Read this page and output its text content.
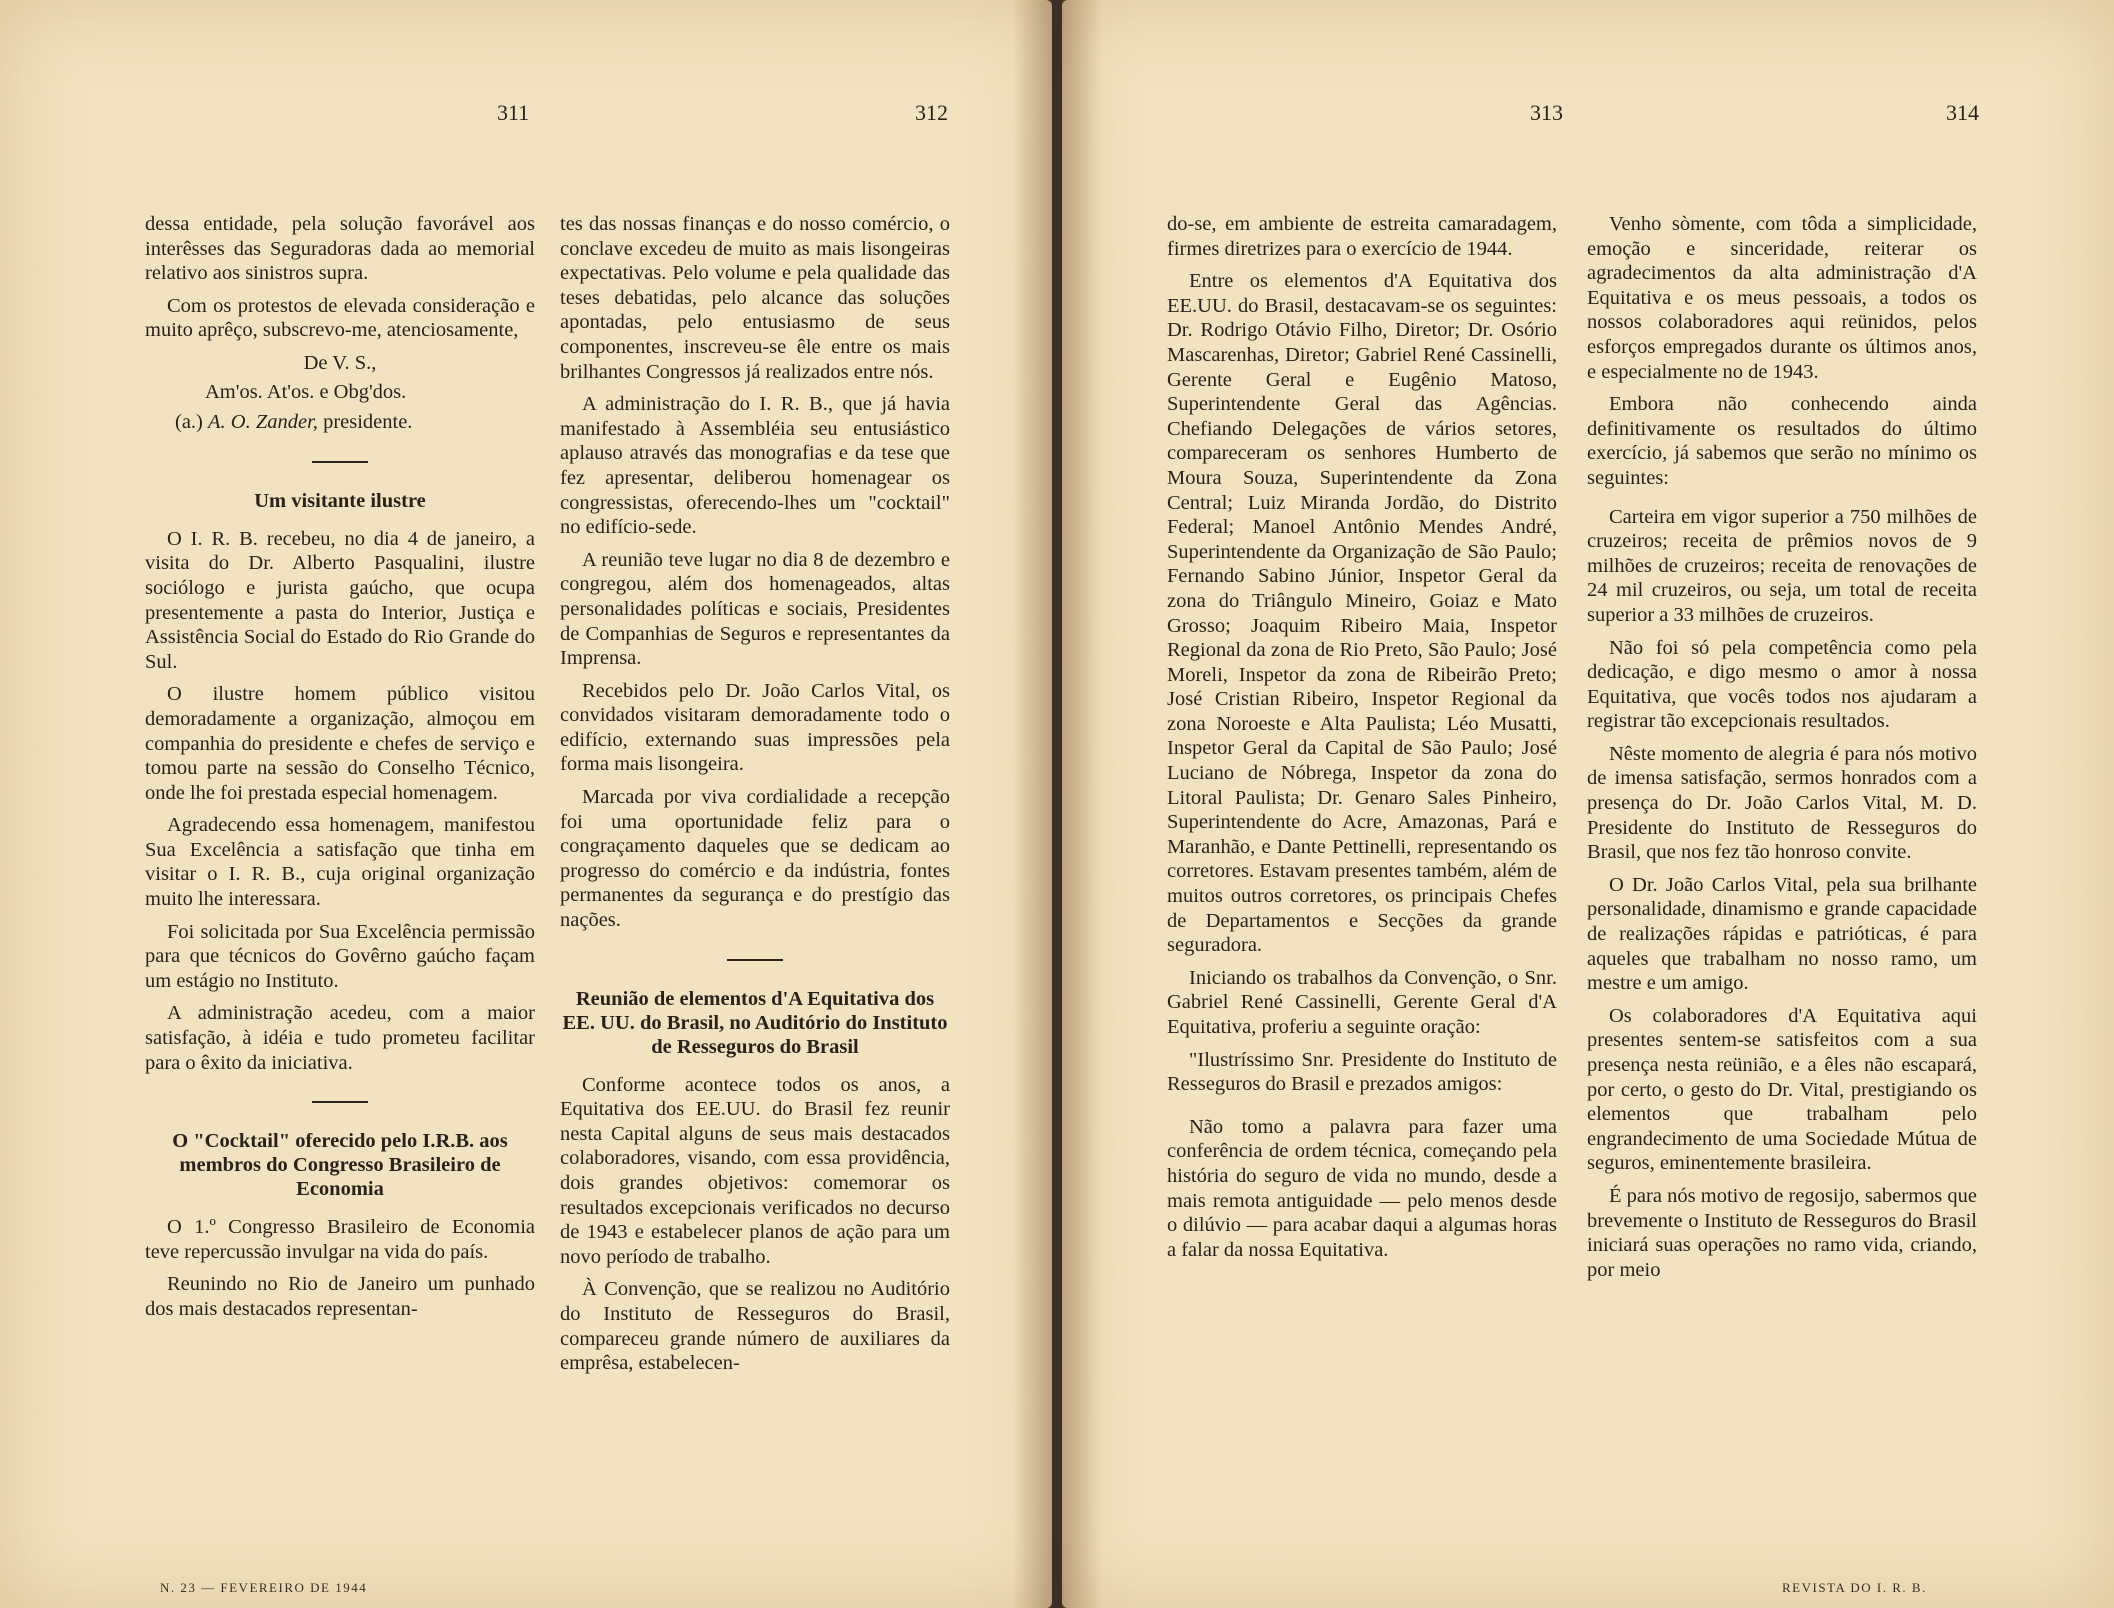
311	312

dessa entidade, pela solução favorável aos interêsses das Seguradoras dada ao memorial relativo aos sinistros supra.

Com os protestos de elevada consideração e muito aprêço, subscrevo-me, atenciosamente,

De V. S.,

Am'os. At'os. e Obg'dos.

(a.) A. O. Zander, presidente.

Um visitante ilustre

O I. R. B. recebeu, no dia 4 de janeiro, a visita do Dr. Alberto Pasqualini, ilustre sociólogo e jurista gaúcho, que ocupa presentemente a pasta do Interior, Justiça e Assistência Social do Estado do Rio Grande do Sul.

O ilustre homem público visitou demoradamente a organização, almoçou em companhia do presidente e chefes de serviço e tomou parte na sessão do Conselho Técnico, onde lhe foi prestada especial homenagem.

Agradecendo essa homenagem, manifestou Sua Excelência a satisfação que tinha em visitar o I. R. B., cuja original organização muito lhe interessara.

Foi solicitada por Sua Excelência permissão para que técnicos do Govêrno gaúcho façam um estágio no Instituto.

A administração acedeu, com a maior satisfação, à idéia e tudo prometeu facilitar para o êxito da iniciativa.

O "Cocktail" oferecido pelo I.R.B. aos membros do Congresso Brasileiro de Economia

O 1.º Congresso Brasileiro de Economia teve repercussão invulgar na vida do país.

Reunindo no Rio de Janeiro um punhado dos mais destacados representan-

tes das nossas finanças e do nosso comércio, o conclave excedeu de muito as mais lisongeiras expectativas. Pelo volume e pela qualidade das teses debatidas, pelo alcance das soluções apontadas, pelo entusiasmo de seus componentes, inscreveu-se êle entre os mais brilhantes Congressos já realizados entre nós.

A administração do I. R. B., que já havia manifestado à Assembléia seu entusiástico aplauso através das monografias e da tese que fez apresentar, deliberou homenagear os congressistas, oferecendo-lhes um "cocktail" no edifício-sede.

A reunião teve lugar no dia 8 de dezembro e congregou, além dos homenageados, altas personalidades políticas e sociais, Presidentes de Companhias de Seguros e representantes da Imprensa.

Recebidos pelo Dr. João Carlos Vital, os convidados visitaram demoradamente todo o edifício, externando suas impressões pela forma mais lisongeira.

Marcada por viva cordialidade a recepção foi uma oportunidade feliz para o congraçamento daqueles que se dedicam ao progresso do comércio e da indústria, fontes permanentes da segurança e do prestígio das nações.

Reunião de elementos d'A Equitativa dos EE. UU. do Brasil, no Auditório do Instituto de Resseguros do Brasil

Conforme acontece todos os anos, a Equitativa dos EE.UU. do Brasil fez reunir nesta Capital alguns de seus mais destacados colaboradores, visando, com essa providência, dois grandes objetivos: comemorar os resultados excepcionais verificados no decurso de 1943 e estabelecer planos de ação para um novo período de trabalho.

À Convenção, que se realizou no Auditório do Instituto de Resseguros do Brasil, compareceu grande número de auxiliares da emprêsa, estabelecen-

N. 23 — FEVEREIRO DE 1944
313	314

do-se, em ambiente de estreita camaradagem, firmes diretrizes para o exercício de 1944.

Entre os elementos d'A Equitativa dos EE.UU. do Brasil, destacavam-se os seguintes: Dr. Rodrigo Otávio Filho, Diretor; Dr. Osório Mascarenhas, Diretor; Gabriel René Cassinelli, Gerente Geral e Eugênio Matoso, Superintendente Geral das Agências. Chefiando Delegações de vários setores, compareceram os senhores Humberto de Moura Souza, Superintendente da Zona Central; Luiz Miranda Jordão, do Distrito Federal; Manoel Antônio Mendes André, Superintendente da Organização de São Paulo; Fernando Sabino Júnior, Inspetor Geral da zona do Triângulo Mineiro, Goiaz e Mato Grosso; Joaquim Ribeiro Maia, Inspetor Regional da zona de Rio Preto, São Paulo; José Moreli, Inspetor da zona de Ribeirão Preto; José Cristian Ribeiro, Inspetor Regional da zona Noroeste e Alta Paulista; Léo Musatti, Inspetor Geral da Capital de São Paulo; José Luciano de Nóbrega, Inspetor da zona do Litoral Paulista; Dr. Genaro Sales Pinheiro, Superintendente do Acre, Amazonas, Pará e Maranhão, e Dante Pettinelli, representando os corretores. Estavam presentes também, além de muitos outros corretores, os principais Chefes de Departamentos e Secções da grande seguradora.

Iniciando os trabalhos da Convenção, o Snr. Gabriel René Cassinelli, Gerente Geral d'A Equitativa, proferiu a seguinte oração:

"Ilustríssimo Snr. Presidente do Instituto de Resseguros do Brasil e prezados amigos:

Não tomo a palavra para fazer uma conferência de ordem técnica, começando pela história do seguro de vida no mundo, desde a mais remota antiguidade — pelo menos desde o dilúvio — para acabar daqui a algumas horas a falar da nossa Equitativa.

Venho sòmente, com tôda a simplicidade, emoção e sinceridade, reiterar os agradecimentos da alta administração d'A Equitativa e os meus pessoais, a todos os nossos colaboradores aqui reünidos, pelos esforços empregados durante os últimos anos, e especialmente no de 1943.

Embora não conhecendo ainda definitivamente os resultados do último exercício, já sabemos que serão no mínimo os seguintes:

Carteira em vigor superior a 750 milhões de cruzeiros; receita de prêmios novos de 9 milhões de cruzeiros; receita de renovações de 24 mil cruzeiros, ou seja, um total de receita superior a 33 milhões de cruzeiros.

Não foi só pela competência como pela dedicação, e digo mesmo o amor à nossa Equitativa, que vocês todos nos ajudaram a registrar tão excepcionais resultados.

Nêste momento de alegria é para nós motivo de imensa satisfação, sermos honrados com a presença do Dr. João Carlos Vital, M. D. Presidente do Instituto de Resseguros do Brasil, que nos fez tão honroso convite.

O Dr. João Carlos Vital, pela sua brilhante personalidade, dinamismo e grande capacidade de realizações rápidas e patrióticas, é para aqueles que trabalham no nosso ramo, um mestre e um amigo.

Os colaboradores d'A Equitativa aqui presentes sentem-se satisfeitos com a sua presença nesta reünião, e a êles não escapará, por certo, o gesto do Dr. Vital, prestigiando os elementos que trabalham pelo engrandecimento de uma Sociedade Mútua de seguros, eminentemente brasileira.

É para nós motivo de regosijo, sabermos que brevemente o Instituto de Resseguros do Brasil iniciará suas operações no ramo vida, criando, por meio

REVISTA DO I. R. B.
